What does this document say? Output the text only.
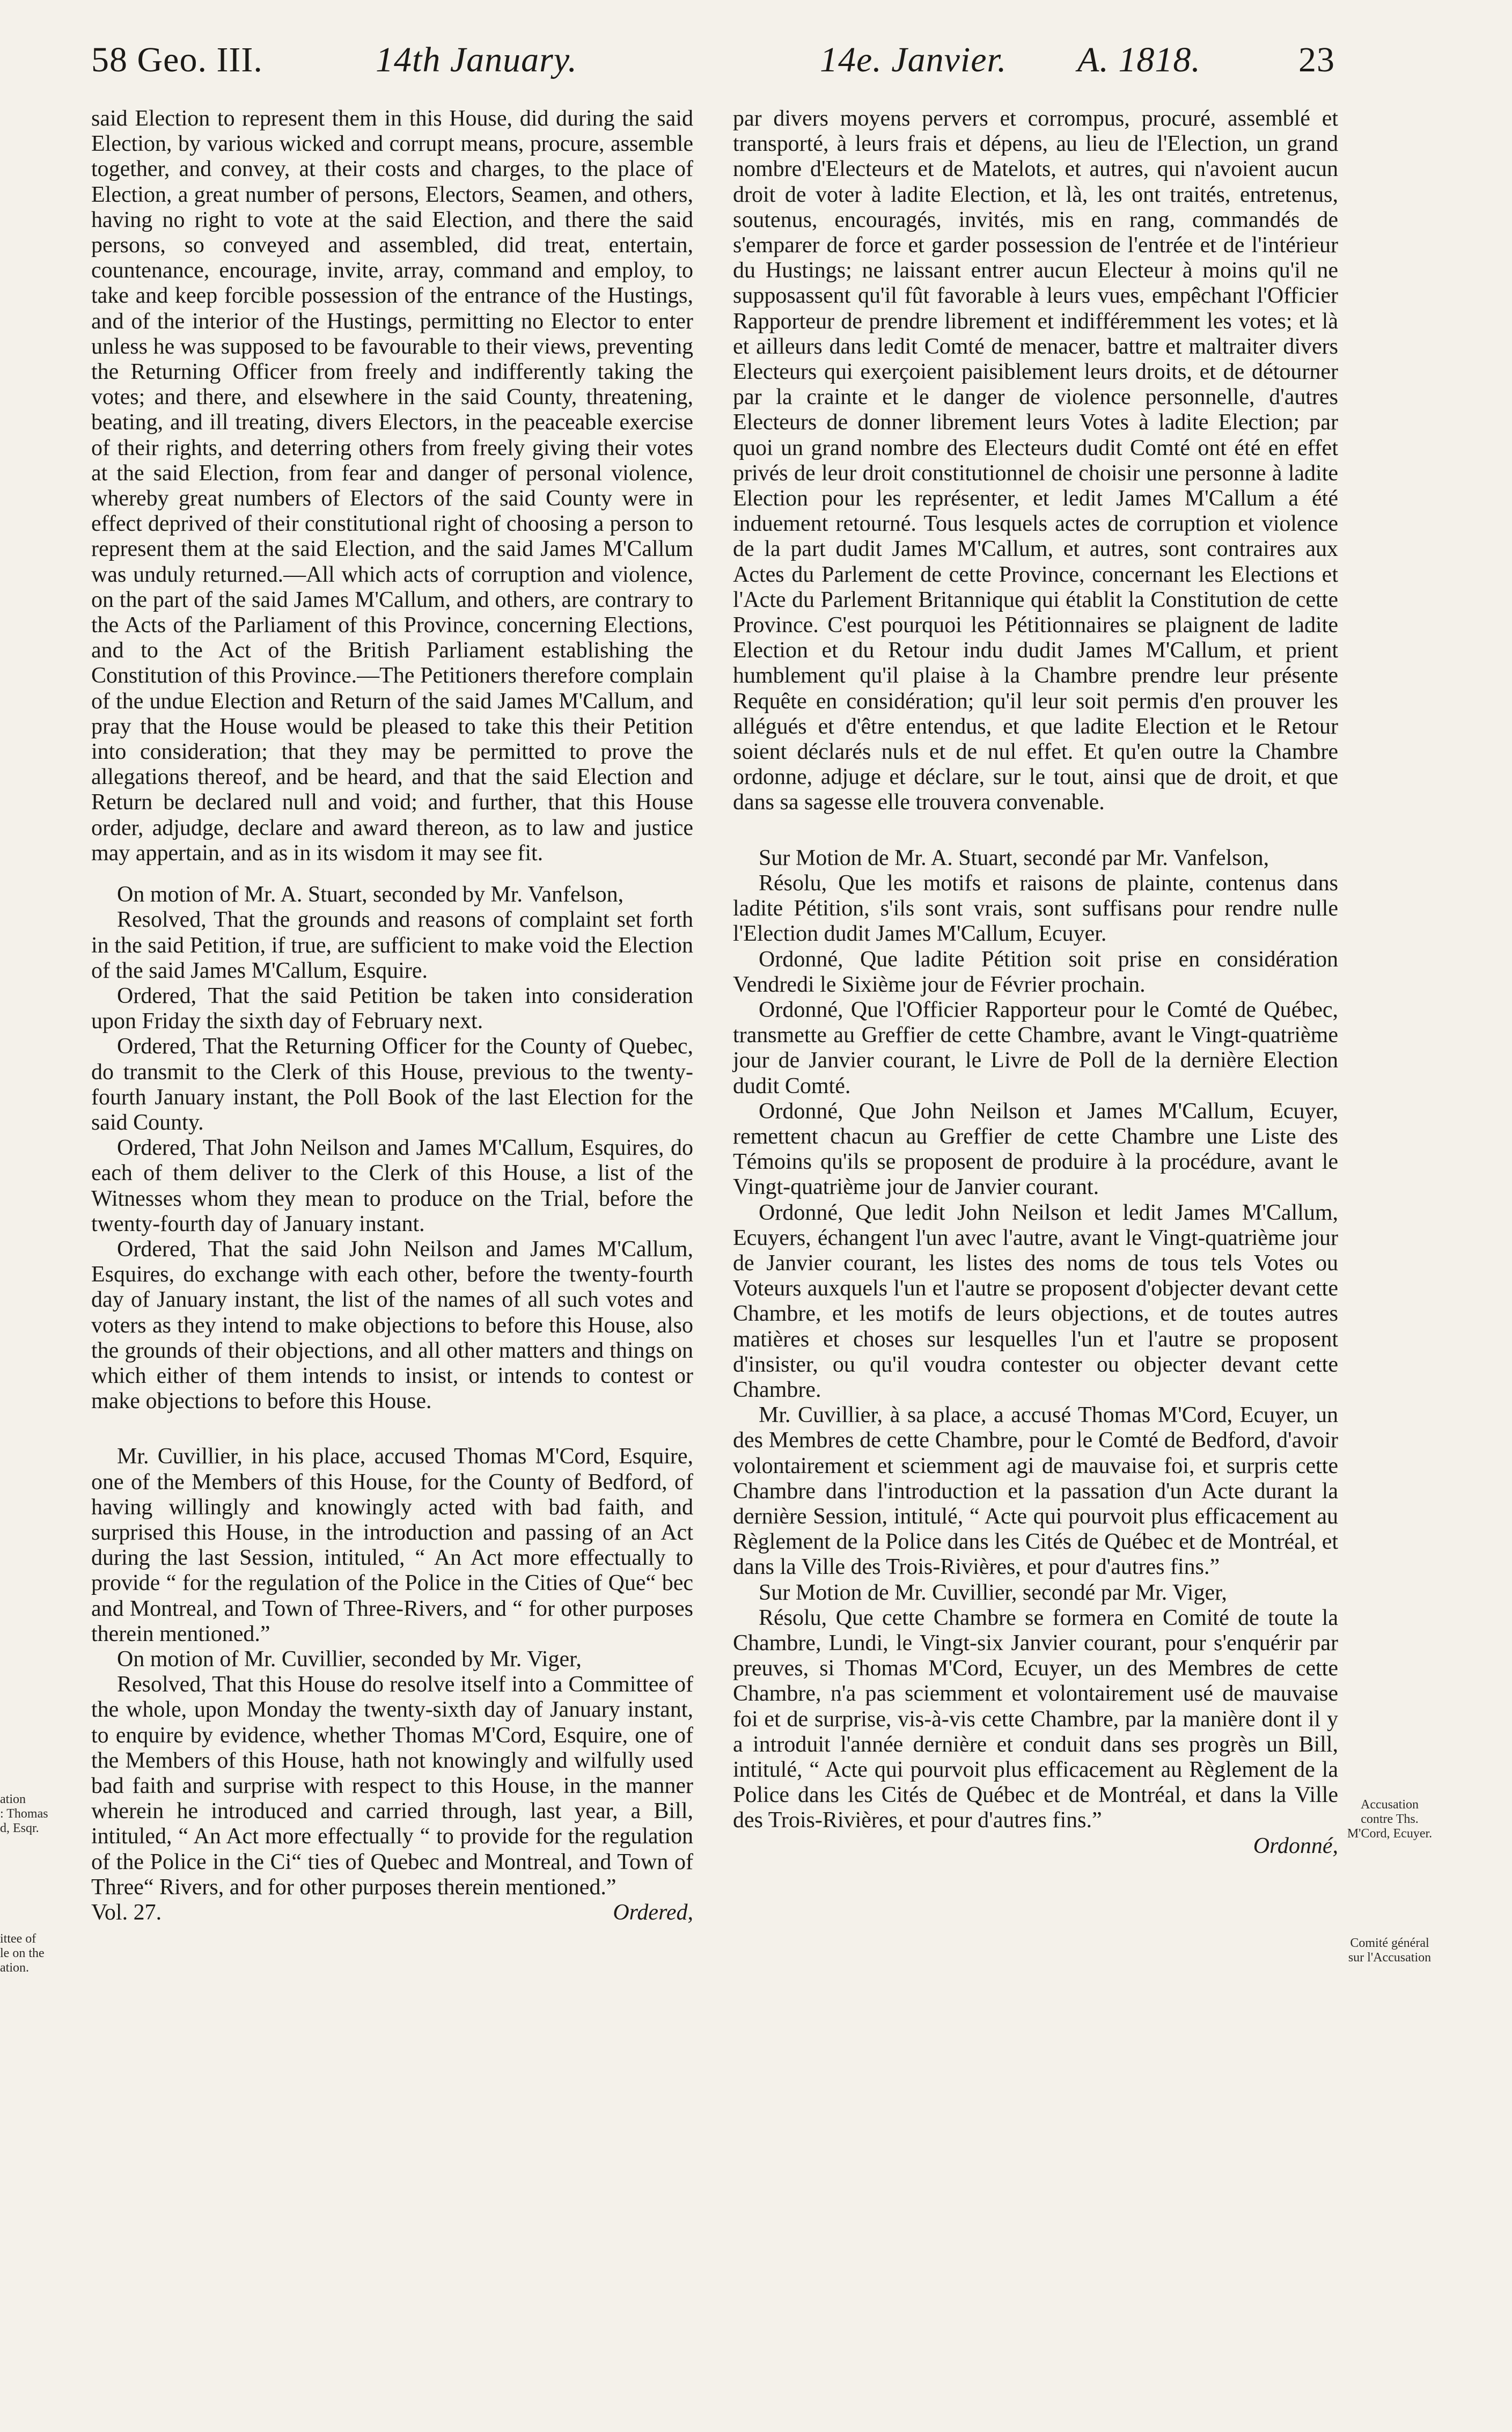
58 Geo. III.	14th January.	14e. Janvier. A. 1818.	23

said Election to represent them in this House, did during the said Election, by various wicked and corrupt means, procure, assemble together, and convey, at their costs and charges, to the place of Election, a great number of persons, Electors, Seamen, and others, having no right to vote at the said Election, and there the said persons, so conveyed and assembled, did treat, entertain, countenance, encourage, invite, array, command and employ, to take and keep forcible possession of the entrance of the Hustings, and of the interior of the Hustings, permitting no Elector to enter unless he was supposed to be favourable to their views, preventing the Returning Officer from freely and indifferently taking the votes; and there, and elsewhere in the said County, threatening, beating, and ill treating, divers Electors, in the peaceable exercise of their rights, and deterring others from freely giving their votes at the said Election, from fear and danger of personal violence, whereby great numbers of Electors of the said County were in effect deprived of their constitutional right of choosing a person to represent them at the said Election, and the said James M'Callum was unduly returned.—All which acts of corruption and violence, on the part of the said James M'Callum, and others, are contrary to the Acts of the Parliament of this Province, concerning Elections, and to the Act of the British Parliament establishing the Constitution of this Province.—The Petitioners therefore complain of the undue Election and Return of the said James M'Callum, and pray that the House would be pleased to take this their Petition into consideration; that they may be permitted to prove the allegations thereof, and be heard, and that the said Election and Return be declared null and void; and further, that this House order, adjudge, declare and award thereon, as to law and justice may appertain, and as in its wisdom it may see fit.

On motion of Mr. A. Stuart, seconded by Mr. Vanfelson,

Resolved, That the grounds and reasons of complaint set forth in the said Petition, if true, are sufficient to make void the Election of the said James M'Callum, Esquire.

Ordered, That the said Petition be taken into consideration upon Friday the sixth day of February next.

Ordered, That the Returning Officer for the County of Quebec, do transmit to the Clerk of this House, previous to the twenty-fourth January instant, the Poll Book of the last Election for the said County.

Ordered, That John Neilson and James M'Callum, Esquires, do each of them deliver to the Clerk of this House, a list of the Witnesses whom they mean to produce on the Trial, before the twenty-fourth day of January instant.

Ordered, That the said John Neilson and James M'Callum, Esquires, do exchange with each other, before the twenty-fourth day of January instant, the list of the names of all such votes and voters as they intend to make objections to before this House, also the grounds of their objections, and all other matters and things on which either of them intends to insist, or intends to contest or make objections to before this House.

Mr. Cuvillier, in his place, accused Thomas M'Cord, Esquire, one of the Members of this House, for the County of Bedford, of having willingly and knowingly acted with bad faith, and surprised this House, in the introduction and passing of an Act during the last Session, intituled, “ An Act more effectually to provide “ for the regulation of the Police in the Cities of Que“ bec and Montreal, and Town of Three-Rivers, and “ for other purposes therein mentioned.”

On motion of Mr. Cuvillier, seconded by Mr. Viger,

Resolved, That this House do resolve itself into a Committee of the whole, upon Monday the twenty-sixth day of January instant, to enquire by evidence, whether Thomas M'Cord, Esquire, one of the Members of this House, hath not knowingly and wilfully used bad faith and surprise with respect to this House, in the manner wherein he introduced and carried through, last year, a Bill, intituled, “ An Act more effectually “ to provide for the regulation of the Police in the Ci“ ties of Quebec and Montreal, and Town of Three“ Rivers, and for other purposes therein mentioned.”

Vol. 27.	Ordered,

par divers moyens pervers et corrompus, procuré, assemblé et transporté, à leurs frais et dépens, au lieu de l'Election, un grand nombre d'Electeurs et de Matelots, et autres, qui n'avoient aucun droit de voter à ladite Election, et là, les ont traités, entretenus, soutenus, encouragés, invités, mis en rang, commandés de s'emparer de force et garder possession de l'entrée et de l'intérieur du Hustings; ne laissant entrer aucun Electeur à moins qu'il ne supposassent qu'il fût favorable à leurs vues, empêchant l'Officier Rapporteur de prendre librement et indifféremment les votes; et là et ailleurs dans ledit Comté de menacer, battre et maltraiter divers Electeurs qui exerçoient paisiblement leurs droits, et de détourner par la crainte et le danger de violence personnelle, d'autres Electeurs de donner librement leurs Votes à ladite Election; par quoi un grand nombre des Electeurs dudit Comté ont été en effet privés de leur droit constitutionnel de choisir une personne à ladite Election pour les représenter, et ledit James M'Callum a été induement retourné. Tous lesquels actes de corruption et violence de la part dudit James M'Callum, et autres, sont contraires aux Actes du Parlement de cette Province, concernant les Elections et l'Acte du Parlement Britannique qui établit la Constitution de cette Province. C'est pourquoi les Pétitionnaires se plaignent de ladite Election et du Retour indu dudit James M'Callum, et prient humblement qu'il plaise à la Chambre prendre leur présente Requête en considération; qu'il leur soit permis d'en prouver les allégués et d'être entendus, et que ladite Election et le Retour soient déclarés nuls et de nul effet. Et qu'en outre la Chambre ordonne, adjuge et déclare, sur le tout, ainsi que de droit, et que dans sa sagesse elle trouvera convenable.

Sur Motion de Mr. A. Stuart, secondé par Mr. Vanfelson,

Résolu, Que les motifs et raisons de plainte, contenus dans ladite Pétition, s'ils sont vrais, sont suffisans pour rendre nulle l'Election dudit James M'Callum, Ecuyer.

Ordonné, Que ladite Pétition soit prise en considération Vendredi le Sixième jour de Février prochain.

Ordonné, Que l'Officier Rapporteur pour le Comté de Québec, transmette au Greffier de cette Chambre, avant le Vingt-quatrième jour de Janvier courant, le Livre de Poll de la dernière Election dudit Comté.

Ordonné, Que John Neilson et James M'Callum, Ecuyer, remettent chacun au Greffier de cette Chambre une Liste des Témoins qu'ils se proposent de produire à la procédure, avant le Vingt-quatrième jour de Janvier courant.

Ordonné, Que ledit John Neilson et ledit James M'Callum, Ecuyers, échangent l'un avec l'autre, avant le Vingt-quatrième jour de Janvier courant, les listes des noms de tous tels Votes ou Voteurs auxquels l'un et l'autre se proposent d'objecter devant cette Chambre, et les motifs de leurs objections, et de toutes autres matières et choses sur lesquelles l'un et l'autre se proposent d'insister, ou qu'il voudra contester ou objecter devant cette Chambre.

Mr. Cuvillier, à sa place, a accusé Thomas M'Cord, Ecuyer, un des Membres de cette Chambre, pour le Comté de Bedford, d'avoir volontairement et sciemment agi de mauvaise foi, et surpris cette Chambre dans l'introduction et la passation d'un Acte durant la dernière Session, intitulé, “ Acte qui pourvoit plus efficacement au Règlement de la Police dans les Cités de Québec et de Montréal, et dans la Ville des Trois-Rivières, et pour d'autres fins.”

Sur Motion de Mr. Cuvillier, secondé par Mr. Viger,

Résolu, Que cette Chambre se formera en Comité de toute la Chambre, Lundi, le Vingt-six Janvier courant, pour s'enquérir par preuves, si Thomas M'Cord, Ecuyer, un des Membres de cette Chambre, n'a pas sciemment et volontairement usé de mauvaise foi et de surprise, vis-à-vis cette Chambre, par la manière dont il y a introduit l'année dernière et conduit dans ses progrès un Bill, intitulé, “ Acte qui pourvoit plus efficacement au Règlement de la Police dans les Cités de Québec et de Montréal, et dans la Ville des Trois-Rivières, et pour d'autres fins.”

Ordonné,

ation
: Thomas
d, Esqr.
ittee of
le on the
ation.
Accusation
contre Ths.
M'Cord, Ecuyer.
Comité général
sur l'Accusation
